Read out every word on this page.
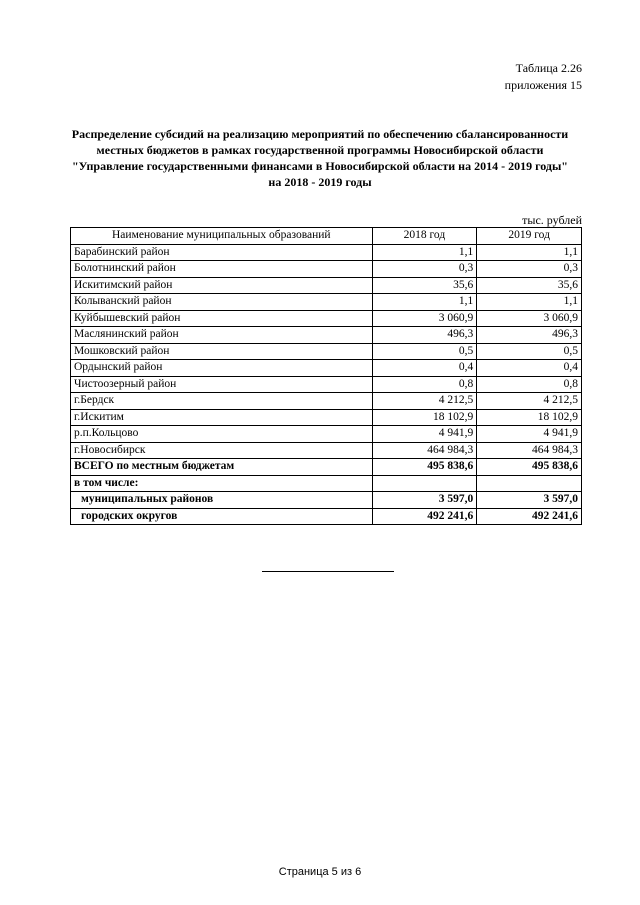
Таблица 2.26
приложения 15
Распределение субсидий на реализацию мероприятий по обеспечению сбалансированности местных бюджетов в рамках государственной программы Новосибирской области "Управление государственными финансами в Новосибирской области на 2014 - 2019 годы" на 2018 - 2019 годы
тыс. рублей
Наименование муниципальных образований	2018 год	2019 год
Барабинский район	1,1	1,1
Болотнинский район	0,3	0,3
Искитимский район	35,6	35,6
Колыванский район	1,1	1,1
Куйбышевский район	3 060,9	3 060,9
Маслянинский район	496,3	496,3
Мошковский район	0,5	0,5
Ордынский район	0,4	0,4
Чистоозерный район	0,8	0,8
г.Бердск	4 212,5	4 212,5
г.Искитим	18 102,9	18 102,9
р.п.Кольцово	4 941,9	4 941,9
г.Новосибирск	464 984,3	464 984,3
ВСЕГО по местным бюджетам	495 838,6	495 838,6
в том числе:		
муниципальных районов	3 597,0	3 597,0
городских округов	492 241,6	492 241,6
Страница 5 из 6
